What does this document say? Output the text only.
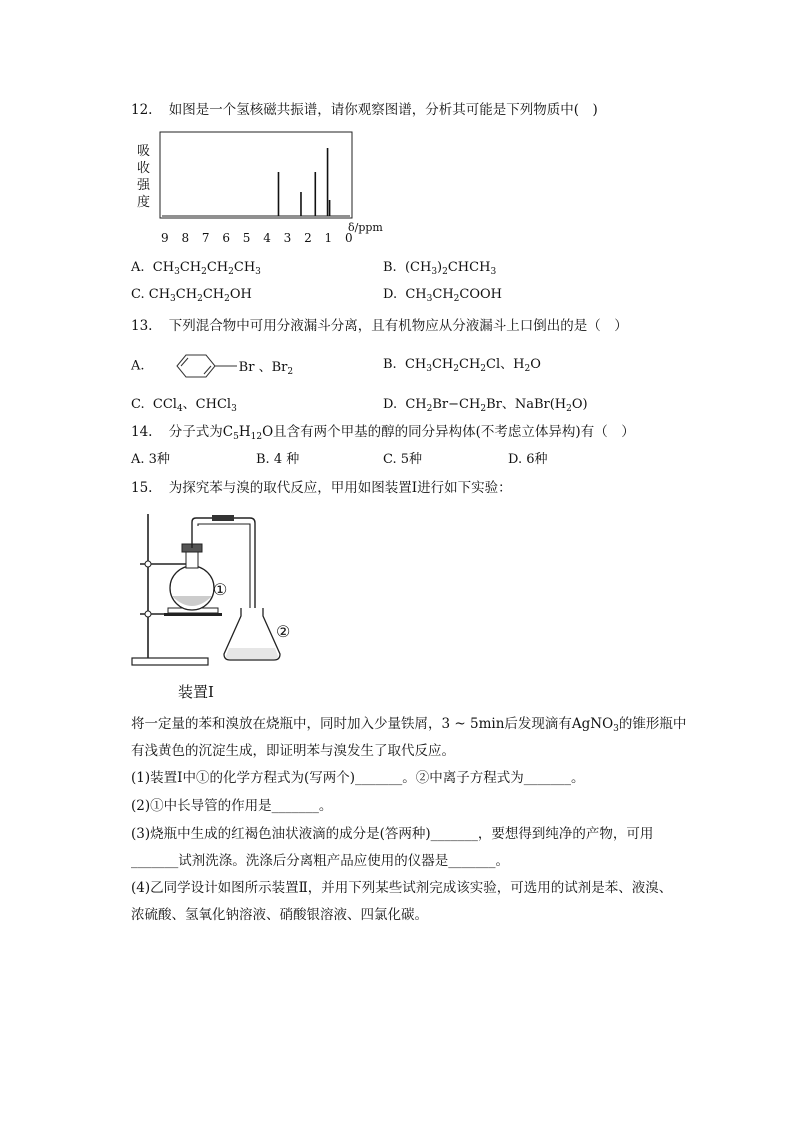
12. 如图是一个氢核磁共振谱，请你观察图谱，分析其可能是下列物质中(　)
吸
收
强
度
9 8 7 6 5 4 3 2 1 0
δ/ppm
A.  $CH_3CH_2CH_2CH_3$	B.  $(CH_3)_2CHCH_3$
C. $CH_3CH_2CH_2OH$	D.  $CH_3CH_2COOH$
13. 下列混合物中可用分液漏斗分离，且有机物应从分液漏斗上口倒出的是（　）
A.	Br 、$Br_2$	B.  $CH_3CH_2CH_2Cl$、$H_2O$
C.  CCl$_4$、CHCl$_3$	D.  $CH_2Br-CH_2Br$、$NaBr(H_2O)$
14. 分子式为$C_5H_{12}O$且含有两个甲基的醇的同分异构体(不考虑立体异构)有（　）
A. 3种	B. 4 种	C. 5种	D. 6种
15. 为探究苯与溴的取代反应，甲用如图装置Ⅰ进行如下实验：
①
②
装置Ⅰ
将一定量的苯和溴放在烧瓶中，同时加入少量铁屑，3 ~ 5min后发现滴有AgNO$_3$的锥形瓶中
有浅黄色的沉淀生成，即证明苯与溴发生了取代反应。
(1)装置Ⅰ中①的化学方程式为(写两个)_______。②中离子方程式为_______。
(2)①中长导管的作用是_______。
(3)烧瓶中生成的红褐色油状液滴的成分是(答两种)_______，要想得到纯净的产物，可用
_______试剂洗涤。洗涤后分离粗产品应使用的仪器是_______。
(4)乙同学设计如图所示装置Ⅱ，并用下列某些试剂完成该实验，可选用的试剂是苯、液溴、
浓硫酸、氢氧化钠溶液、硝酸银溶液、四氯化碳。
